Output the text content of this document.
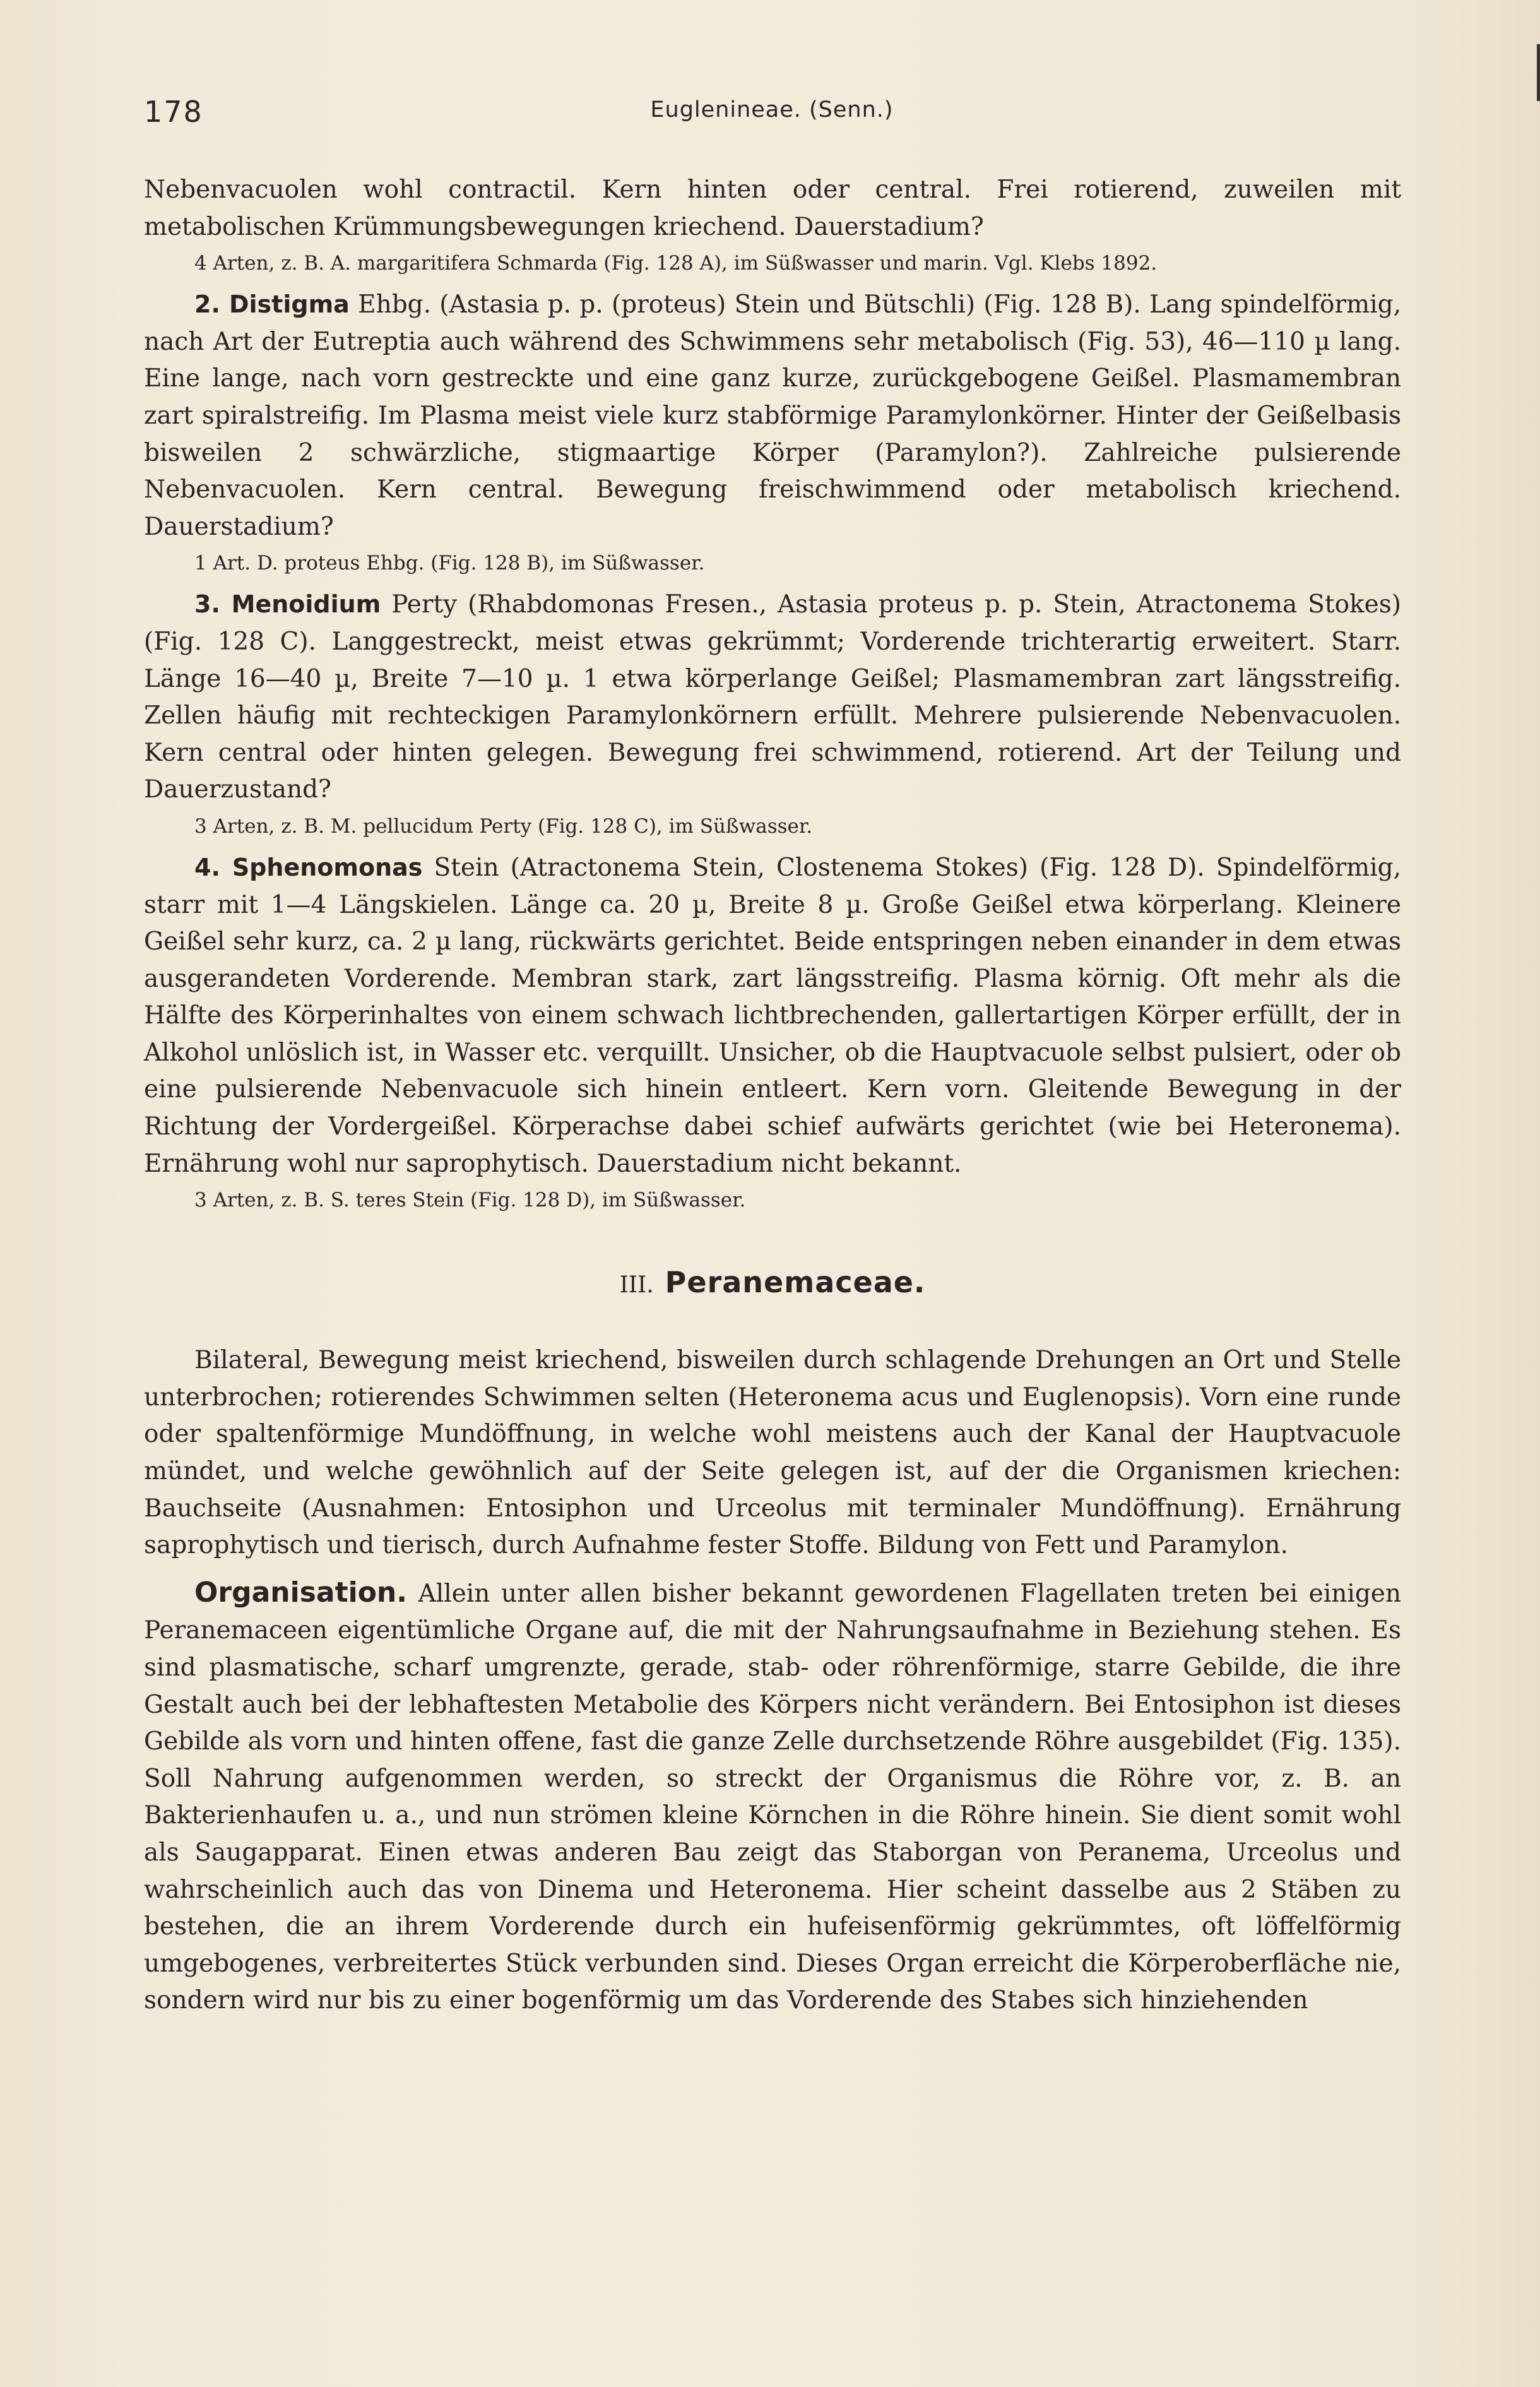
178	Euglenineae. (Senn.)

Nebenvacuolen wohl contractil. Kern hinten oder central. Frei rotierend, zuweilen mit metabolischen Krümmungsbewegungen kriechend. Dauerstadium?

4 Arten, z. B. A. margaritifera Schmarda (Fig. 128 A), im Süßwasser und marin. Vgl. Klebs 1892.

2. Distigma Ehbg. (Astasia p. p. (proteus) Stein und Bütschli) (Fig. 128 B). Lang spindelförmig, nach Art der Eutreptia auch während des Schwimmens sehr metabolisch (Fig. 53), 46—110 µ lang. Eine lange, nach vorn gestreckte und eine ganz kurze, zurückgebogene Geißel. Plasmamembran zart spiralstreifig. Im Plasma meist viele kurz stabförmige Paramylonkörner. Hinter der Geißelbasis bisweilen 2 schwärzliche, stigmaartige Körper (Paramylon?). Zahlreiche pulsierende Nebenvacuolen. Kern central. Bewegung freischwimmend oder metabolisch kriechend. Dauerstadium?

1 Art. D. proteus Ehbg. (Fig. 128 B), im Süßwasser.

3. Menoidium Perty (Rhabdomonas Fresen., Astasia proteus p. p. Stein, Atractonema Stokes) (Fig. 128 C). Langgestreckt, meist etwas gekrümmt; Vorderende trichterartig erweitert. Starr. Länge 16—40 µ, Breite 7—10 µ. 1 etwa körperlange Geißel; Plasmamembran zart längsstreifig. Zellen häufig mit rechteckigen Paramylonkörnern erfüllt. Mehrere pulsierende Nebenvacuolen. Kern central oder hinten gelegen. Bewegung frei schwimmend, rotierend. Art der Teilung und Dauerzustand?

3 Arten, z. B. M. pellucidum Perty (Fig. 128 C), im Süßwasser.

4. Sphenomonas Stein (Atractonema Stein, Clostenema Stokes) (Fig. 128 D). Spindelförmig, starr mit 1—4 Längskielen. Länge ca. 20 µ, Breite 8 µ. Große Geißel etwa körperlang. Kleinere Geißel sehr kurz, ca. 2 µ lang, rückwärts gerichtet. Beide entspringen neben einander in dem etwas ausgerandeten Vorderende. Membran stark, zart längsstreifig. Plasma körnig. Oft mehr als die Hälfte des Körperinhaltes von einem schwach lichtbrechenden, gallertartigen Körper erfüllt, der in Alkohol unlöslich ist, in Wasser etc. verquillt. Unsicher, ob die Hauptvacuole selbst pulsiert, oder ob eine pulsierende Nebenvacuole sich hinein entleert. Kern vorn. Gleitende Bewegung in der Richtung der Vordergeißel. Körperachse dabei schief aufwärts gerichtet (wie bei Heteronema). Ernährung wohl nur saprophytisch. Dauerstadium nicht bekannt.

3 Arten, z. B. S. teres Stein (Fig. 128 D), im Süßwasser.

III. Peranemaceae.

Bilateral, Bewegung meist kriechend, bisweilen durch schlagende Drehungen an Ort und Stelle unterbrochen; rotierendes Schwimmen selten (Heteronema acus und Euglenopsis). Vorn eine runde oder spaltenförmige Mundöffnung, in welche wohl meistens auch der Kanal der Hauptvacuole mündet, und welche gewöhnlich auf der Seite gelegen ist, auf der die Organismen kriechen: Bauchseite (Ausnahmen: Entosiphon und Urceolus mit terminaler Mundöffnung). Ernährung saprophytisch und tierisch, durch Aufnahme fester Stoffe. Bildung von Fett und Paramylon.

Organisation. Allein unter allen bisher bekannt gewordenen Flagellaten treten bei einigen Peranemaceen eigentümliche Organe auf, die mit der Nahrungsaufnahme in Beziehung stehen. Es sind plasmatische, scharf umgrenzte, gerade, stab- oder röhrenförmige, starre Gebilde, die ihre Gestalt auch bei der lebhaftesten Metabolie des Körpers nicht verändern. Bei Entosiphon ist dieses Gebilde als vorn und hinten offene, fast die ganze Zelle durchsetzende Röhre ausgebildet (Fig. 135). Soll Nahrung aufgenommen werden, so streckt der Organismus die Röhre vor, z. B. an Bakterienhaufen u. a., und nun strömen kleine Körnchen in die Röhre hinein. Sie dient somit wohl als Saugapparat. Einen etwas anderen Bau zeigt das Staborgan von Peranema, Urceolus und wahrscheinlich auch das von Dinema und Heteronema. Hier scheint dasselbe aus 2 Stäben zu bestehen, die an ihrem Vorderende durch ein hufeisenförmig gekrümmtes, oft löffelförmig umgebogenes, verbreitertes Stück verbunden sind. Dieses Organ erreicht die Körperoberfläche nie, sondern wird nur bis zu einer bogenförmig um das Vorderende des Stabes sich hinziehenden
